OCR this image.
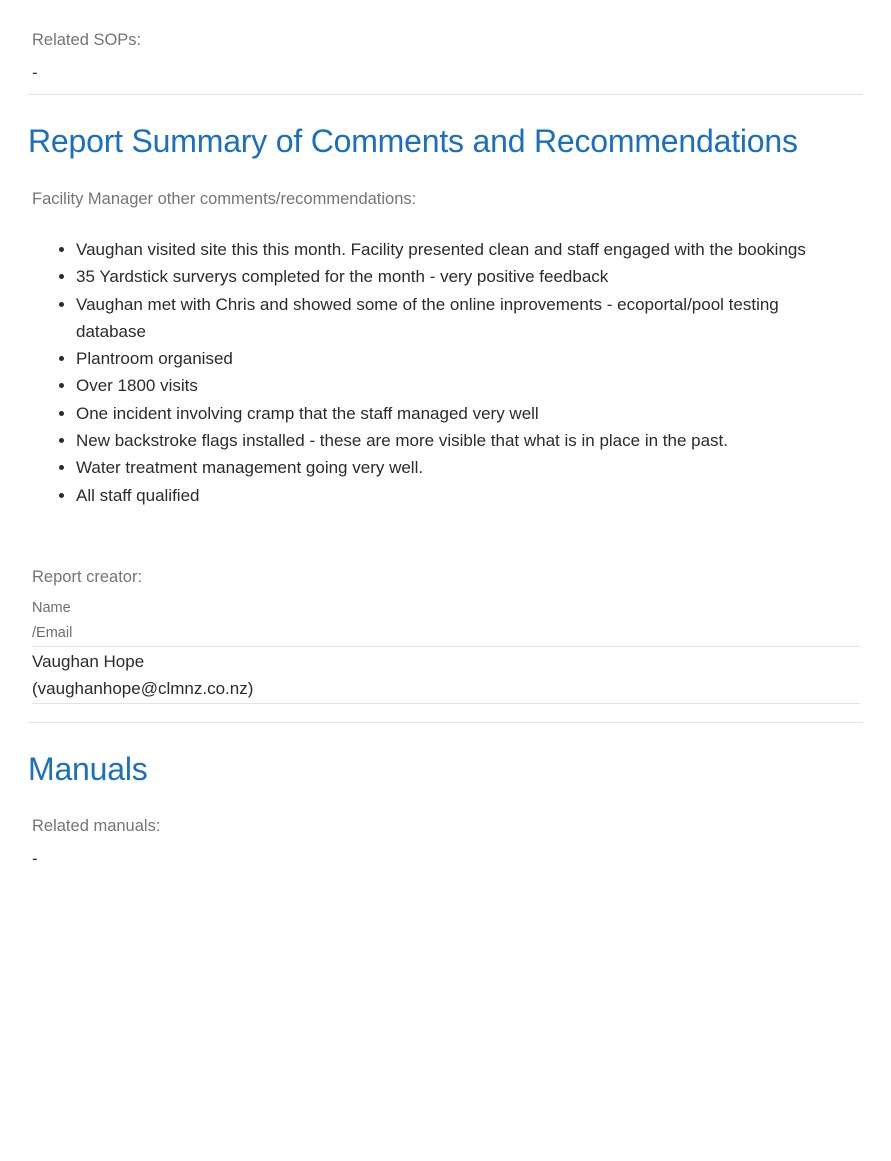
Related SOPs:
-
Report Summary of Comments and Recommendations
Facility Manager other comments/recommendations:
• Vaughan visited site this this month. Facility presented clean and staff engaged with the bookings
• 35 Yardstick surverys completed for the month - very positive feedback
• Vaughan met with Chris and showed some of the online inprovements - ecoportal/pool testing database
• Plantroom organised
• Over 1800 visits
• One incident involving cramp that the staff managed very well
• New backstroke flags installed - these are more visible that what is in place in the past.
• Water treatment management going very well.
• All staff qualified
Report creator:
Name
/Email
Vaughan Hope
(vaughanhope@clmnz.co.nz)
Manuals
Related manuals:
-
